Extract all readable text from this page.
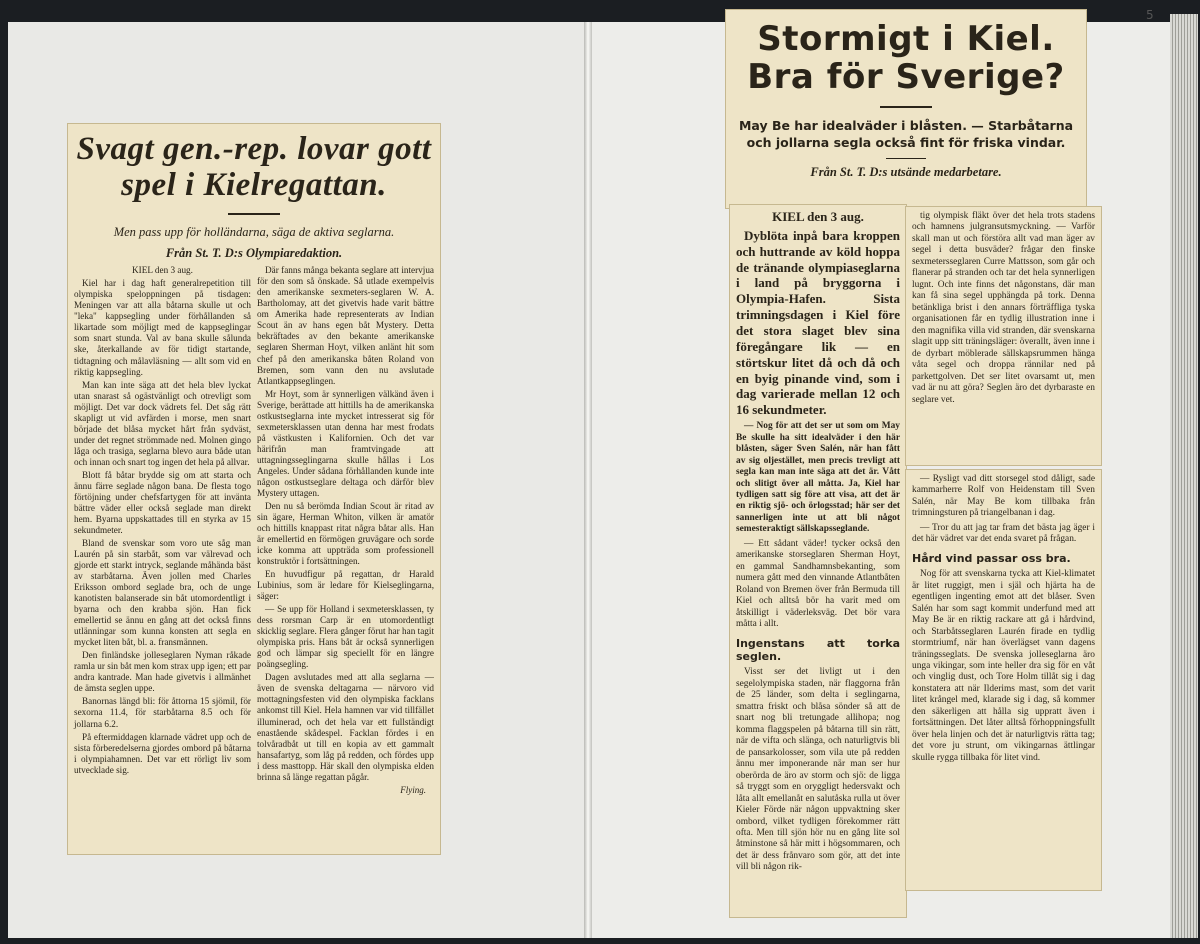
5
Svagt gen.-rep. lovar gott spel i Kielregattan.
Men pass upp för holländarna, säga de aktiva seglarna.
Från St. T. D:s Olympiaredaktion.

KIEL den 3 aug.

Kiel har i dag haft generalrepetition till olympiska speloppningen på tisdagen: Meningen var att alla båtarna skulle ut och "leka" kappsegling under förhållanden så likartade som möjligt med de kappseglingar som snart stunda. Val av bana skulle sålunda ske, återkallande av för tidigt startande, tidtagning och målavläsning — allt som vid en riktig kappsegling.

Man kan inte säga att det hela blev lyckat utan snarast så ogästvänligt och otrevligt som möjligt. Det var dock vädrets fel. Det såg rätt skapligt ut vid avfärden i morse, men snart började det blåsa mycket hårt från sydväst, under det regnet strömmade ned. Molnen gingo låga och trasiga, seglarna blevo aura både utan och innan och snart tog ingen det hela på allvar.

Blott få båtar brydde sig om att starta och ännu färre seglade någon bana. De flesta togo förtöjning under chefsfartygen för att invänta bättre väder eller också seglade man direkt hem. Byarna uppskattades till en styrka av 15 sekundmeter.

Bland de svenskar som voro ute såg man Laurén på sin starbåt, som var välrevad och gjorde ett starkt intryck, seglande måhända bäst av starbåtarna. Även jollen med Charles Eriksson ombord seglade bra, och de unge kanotisten balanserade sin båt utomordentligt i byarna och den krabba sjön. Han fick emellertid se ännu en gång att det också finns utlänningar som kunna konsten att segla en mycket liten båt, bl. a. fransmännen.

Den finländske jolleseglaren Nyman råkade ramla ur sin båt men kom strax upp igen; ett par andra kantrade. Man hade givetvis i allmänhet de ämsta seglen uppe.

Banornas längd bli: för åttorna 15 sjömil, för sexorna 11.4, för starbåtarna 8.5 och för jollarna 6.2.

På eftermiddagen klarnade vädret upp och de sista förberedelserna gjordes ombord på båtarna i olympiahamnen. Det var ett rörligt liv som utvecklade sig.

Där fanns många bekanta seglare att intervjua för den som så önskade. Så utlade exempelvis den amerikanske sexmeters-seglaren W. A. Bartholomay, att det givetvis hade varit bättre om Amerika hade representerats av Indian Scout än av hans egen båt Mystery. Detta bekräftades av den bekante amerikanske seglaren Sherman Hoyt, vilken anlänt hit som chef på den amerikanska båten Roland von Bremen, som vann den nu avslutade Atlantkappseglingen.

Mr Hoyt, som är synnerligen välkänd även i Sverige, berättade att hittills ha de amerikanska ostkustseglarna inte mycket intresserat sig för sexmetersklassen utan denna har mest frodats på västkusten i Kalifornien. Och det var härifrån man framtvingade att uttagningsseglingarna skulle hållas i Los Angeles. Under sådana förhållanden kunde inte någon ostkustseglare deltaga och därför blev Mystery uttagen.

Den nu så berömda Indian Scout är ritad av sin ägare, Herman Whiton, vilken är amatör och hittills knappast ritat några båtar alls. Han är emellertid en förmögen gruvägare och sorde icke komma att uppträda som professionell konstruktör i fortsättningen.

En huvudfigur på regattan, dr Harald Lubinius, som är ledare för Kielseglingarna, säger:

— Se upp för Holland i sexmetersklassen, ty dess rorsman Carp är en utomordentligt skicklig seglare. Flera gånger förut har han tagit olympiska pris. Hans båt är också synnerligen god och lämpar sig speciellt för en längre poängsegling.

Dagen avslutades med att alla seglarna — även de svenska deltagarna — närvoro vid mottagningsfesten vid den olympiska facklans ankomst till Kiel. Hela hamnen var vid tillfället illuminerad, och det hela var ett fullständigt enastående skådespel. Facklan fördes i en tolvåradbåt ut till en kopia av ett gammalt hansafartyg, som låg på redden, och fördes upp i dess masttopp. Här skall den olympiska elden brinna så länge regattan pågår.

Flying.
Stormigt i Kiel. Bra för Sverige?
May Be har idealväder i blåsten. — Starbåtarna och jollarna segla också fint för friska vindar.
Från St. T. D:s utsände medarbetare.

KIEL den 3 aug.

Dyblöta inpå bara kroppen och huttrande av köld hoppa de tränande olympiaseglarna i land på bryggorna i Olympia-Hafen. Sista trimningsdagen i Kiel före det stora slaget blev sina föregångare lik — en störtskur litet då och då och en byig pinande vind, som i dag varierade mellan 12 och 16 sekundmeter.

— Nog för att det ser ut som om May Be skulle ha sitt idealväder i den här blåsten, säger Sven Salén, när han fått av sig oljestället, men precis trevligt att segla kan man inte säga att det är. Vått och slitigt över all måtta. Ja, Kiel har tydligen satt sig före att visa, att det är en riktig sjö- och örlogsstad; här ser det sannerligen inte ut att bli något semesteraktigt sällskapsseglande.

— Ett sådant väder! tycker också den amerikanske storseglaren Sherman Hoyt, en gammal Sandhamnsbekanting, som numera gått med den vinnande Atlantbåten Roland von Bremen över från Bermuda till Kiel och alltså bör ha varit med om åtskilligt i väderleksväg. Det bör vara måtta i allt.

Ingenstans att torka seglen.

Visst ser det livligt ut i den segelolympiska staden, när flaggorna från de 25 länder, som delta i seglingarna, smattra friskt och blåsa sönder så att de snart nog bli tretungade allihopa; nog komma flaggspelen på båtarna till sin rätt, när de vifta och slänga, och naturligtvis bli de pansarkolosser, som vila ute på redden ännu mer imponerande när man ser hur oberörda de äro av storm och sjö: de ligga så tryggt som en oryggligt hedersvakt och låta allt emellanåt en salutåska rulla ut över Kieler Förde när någon uppvaktning sker ombord, vilket tydligen förekommer rätt ofta. Men till sjön hör nu en gång lite sol åtminstone så här mitt i högsommaren, och det är dess frånvaro som gör, att det inte vill bli någon rik-

tig olympisk fläkt över det hela trots stadens och hamnens julgransutsmyckning. — Varför skall man ut och förstöra allt vad man äger av segel i detta busväder? frågar den finske sexmetersseglaren Curre Mattsson, som går och flanerar på stranden och tar det hela synnerligen lugnt. Och inte finns det någonstans, där man kan få sina segel upphängda på tork. Denna betänkliga brist i den annars förträffliga tyska organisationen får en tydlig illustration inne i den magnifika villa vid stranden, där svenskarna slagit upp sitt träningsläger: överallt, även inne i de dyrbart möblerade sällskapsrummen hänga våta segel och droppa rännilar ned på parkettgolven. Det ser litet ovarsamt ut, men vad är nu att göra? Seglen äro det dyrbaraste en seglare vet.

— Rysligt vad ditt storsegel stod dåligt, sade kammarherre Rolf von Heidenstam till Sven Salén, när May Be kom tillbaka från trimningsturen på triangelbanan i dag.

— Tror du att jag tar fram det bästa jag äger i det här vädret var det enda svaret på frågan.

Hård vind passar oss bra.

Nog för att svenskarna tycka att Kiel-klimatet är litet ruggigt, men i själ och hjärta ha de egentligen ingenting emot att det blåser. Sven Salén har som sagt kommit underfund med att May Be är en riktig rackare att gå i hårdvind, och Starbåtsseglaren Laurén firade en tydlig stormtriumf, när han överlägset vann dagens träningsseglats. De svenska jolleseglarna äro unga vikingar, som inte heller dra sig för en våt och vinglig dust, och Tore Holm tillåt sig i dag konstatera att när Ilderims mast, som det varit litet krångel med, klarade sig i dag, så kommer den säkerligen att hålla sig uppratt även i fortsättningen. Det låter alltså förhoppningsfullt över hela linjen och det är naturligtvis rätta tag; det vore ju strunt, om vikingarnas ättlingar skulle rygga tillbaka för litet vind.
